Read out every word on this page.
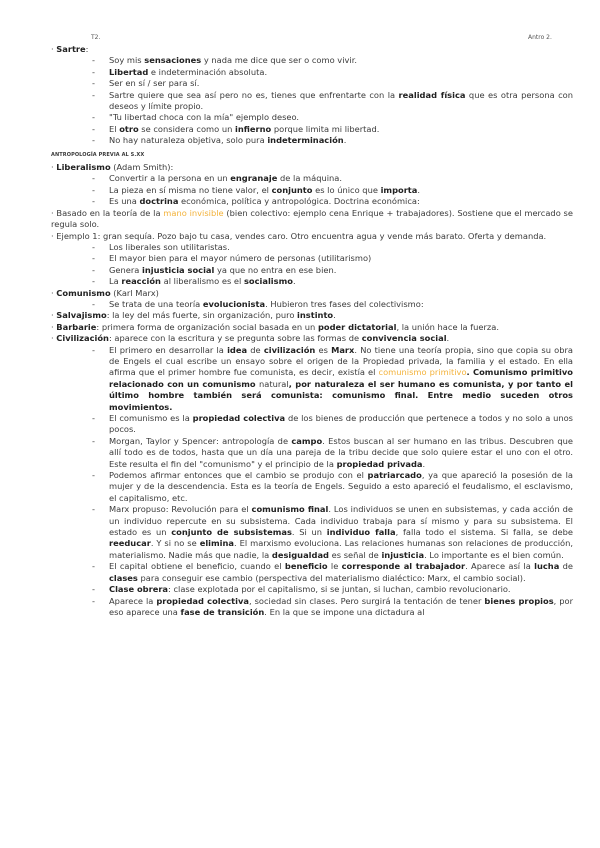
T2.	Antro 2.

· Sartre:

- Soy mis sensaciones y nada me dice que ser o como vivir.
- Libertad e indeterminación absoluta.
- Ser en sí / ser para sí.
- Sartre quiere que sea así pero no es, tienes que enfrentarte con la realidad física que es otra persona con deseos y límite propio.
- "Tu libertad choca con la mía" ejemplo deseo.
- El otro se considera como un infierno porque limita mi libertad.
- No hay naturaleza objetiva, solo pura indeterminación.

ANTROPOLOGÍA PREVIA AL S.XX

· Liberalismo (Adam Smith):

- Convertir a la persona en un engranaje de la máquina.
- La pieza en sí misma no tiene valor, el conjunto es lo único que importa.
- Es una doctrina económica, política y antropológica. Doctrina económica:

· Basado en la teoría de la mano invisible (bien colectivo: ejemplo cena Enrique + trabajadores). Sostiene que el mercado se regula solo.

· Ejemplo 1: gran sequía. Pozo bajo tu casa, vendes caro. Otro encuentra agua y vende más barato. Oferta y demanda.

- Los liberales son utilitaristas.
- El mayor bien para el mayor número de personas (utilitarismo)
- Genera injusticia social ya que no entra en ese bien.
- La reacción al liberalismo es el socialismo.

· Comunismo (Karl Marx)

- Se trata de una teoría evolucionista. Hubieron tres fases del colectivismo:

· Salvajismo: la ley del más fuerte, sin organización, puro instinto.

· Barbarie: primera forma de organización social basada en un poder dictatorial, la unión hace la fuerza.

· Civilización: aparece con la escritura y se pregunta sobre las formas de convivencia social.

- El primero en desarrollar la idea de civilización es Marx. No tiene una teoría propia, sino que copia su obra de Engels el cual escribe un ensayo sobre el origen de la Propiedad privada, la familia y el estado. En ella afirma que el primer hombre fue comunista, es decir, existía el comunismo primitivo. Comunismo primitivo relacionado con un comunismo natural, por naturaleza el ser humano es comunista, y por tanto el último hombre también será comunista: comunismo final. Entre medio suceden otros movimientos.
- El comunismo es la propiedad colectiva de los bienes de producción que pertenece a todos y no solo a unos pocos.
- Morgan, Taylor y Spencer: antropología de campo. Estos buscan al ser humano en las tribus. Descubren que allí todo es de todos, hasta que un día una pareja de la tribu decide que solo quiere estar el uno con el otro. Este resulta el fin del "comunismo" y el principio de la propiedad privada.
- Podemos afirmar entonces que el cambio se produjo con el patriarcado, ya que apareció la posesión de la mujer y de la descendencia. Esta es la teoría de Engels. Seguido a esto apareció el feudalismo, el esclavismo, el capitalismo, etc.
- Marx propuso: Revolución para el comunismo final. Los individuos se unen en subsistemas, y cada acción de un individuo repercute en su subsistema. Cada individuo trabaja para sí mismo y para su subsistema. El estado es un conjunto de subsistemas. Si un individuo falla, falla todo el sistema. Si falla, se debe reeducar. Y si no se elimina. El marxismo evoluciona. Las relaciones humanas son relaciones de producción, materialismo. Nadie más que nadie, la desigualdad es señal de injusticia. Lo importante es el bien común.
- El capital obtiene el beneficio, cuando el beneficio le corresponde al trabajador. Aparece así la lucha de clases para conseguir ese cambio (perspectiva del materialismo dialéctico: Marx, el cambio social).
- Clase obrera: clase explotada por el capitalismo, si se juntan, si luchan, cambio revolucionario.
- Aparece la propiedad colectiva, sociedad sin clases. Pero surgirá la tentación de tener bienes propios, por eso aparece una fase de transición. En la que se impone una dictadura al
